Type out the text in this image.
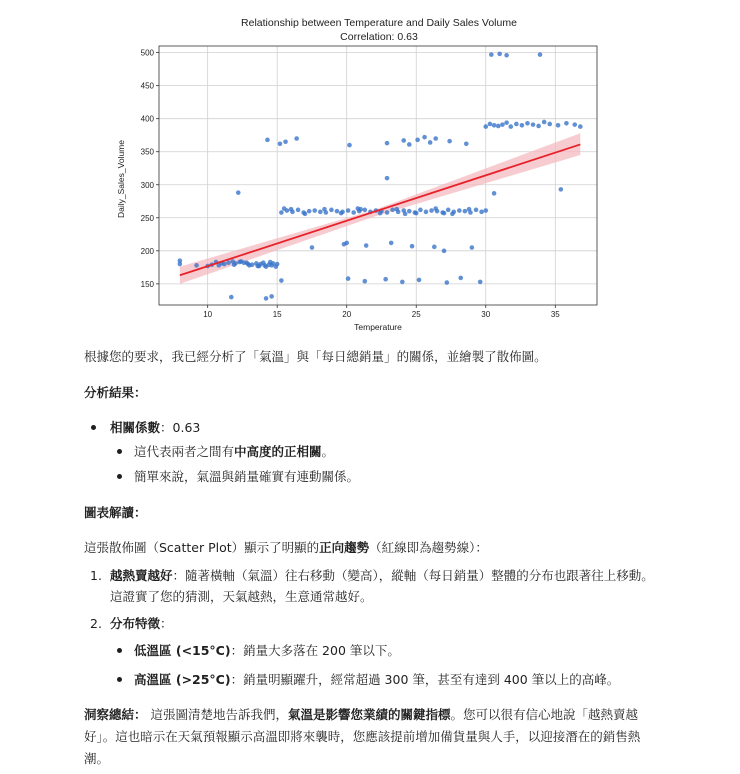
Relationship between Temperature and Daily Sales Volume
Correlation: 0.63
10	15	20	25	30	35
150
200
250
300
350
400
450
500
Temperature
Daily_Sales_Volume
根據您的要求，我已經分析了「氣溫」與「每日總銷量」的關係，並繪製了散佈圖。
分析結果：
相關係數：0.63
這代表兩者之間有中高度的正相關。
簡單來說，氣溫與銷量確實有連動關係。
圖表解讀：
這張散佈圖（Scatter Plot）顯示了明顯的正向趨勢（紅線即為趨勢線）：
1. 越熱賣越好：隨著橫軸（氣溫）往右移動（變高），縱軸（每日銷量）整體的分布也跟著往上移動。
這證實了您的猜測，天氣越熱，生意通常越好。
2. 分布特徵：
低溫區 (<15°C)：銷量大多落在 200 筆以下。
高溫區 (>25°C)：銷量明顯躍升，經常超過 300 筆，甚至有達到 400 筆以上的高峰。
洞察總結： 這張圖清楚地告訴我們，氣溫是影響您業績的關鍵指標。您可以很有信心地說「越熱賣越
好」。這也暗示在天氣預報顯示高溫即將來襲時，您應該提前增加備貨量與人手，以迎接潛在的銷售熱
潮。
